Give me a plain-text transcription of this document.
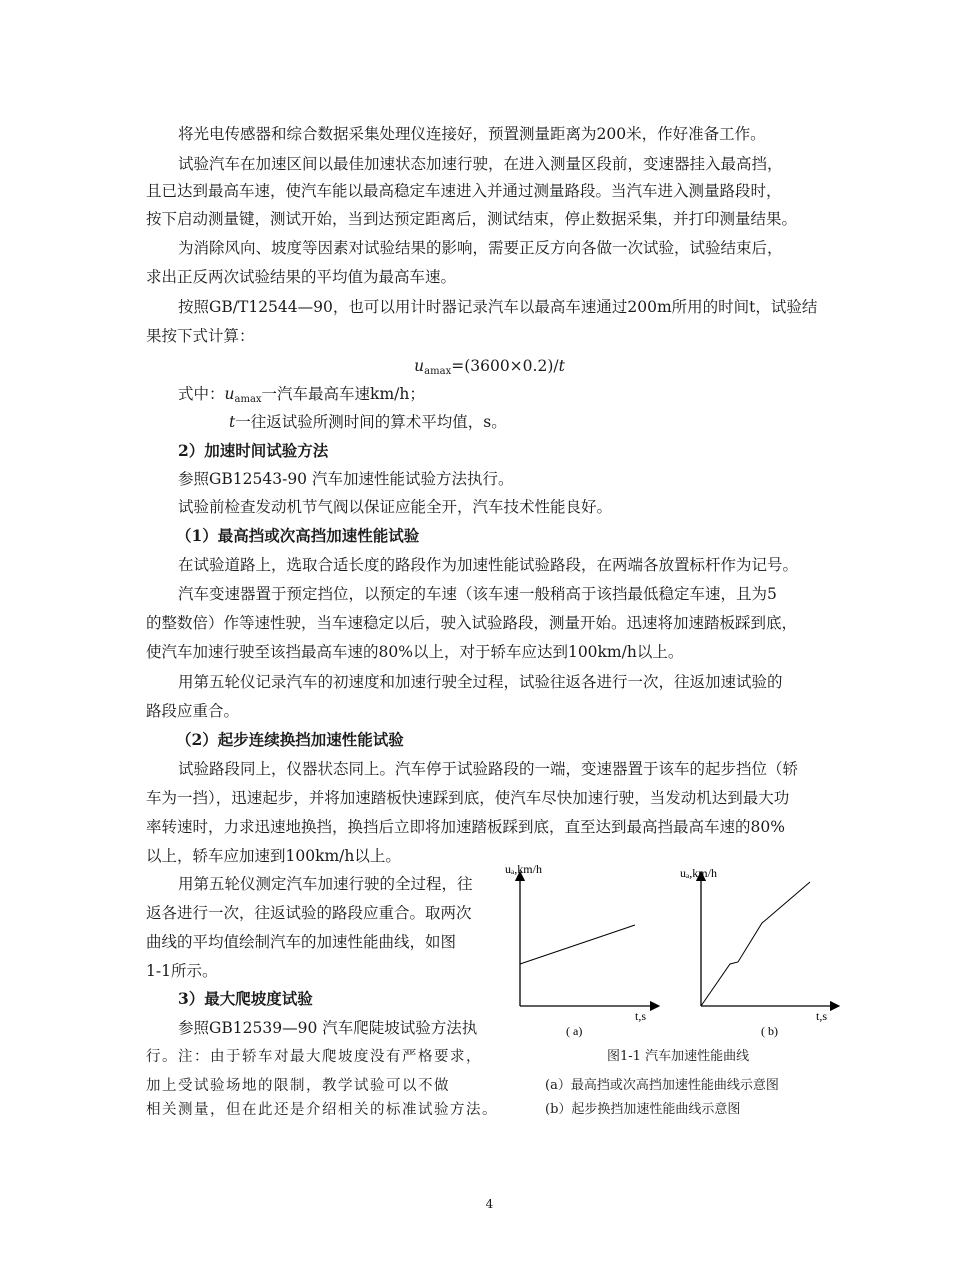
将光电传感器和综合数据采集处理仪连接好，预置测量距离为200米，作好准备工作。
试验汽车在加速区间以最佳加速状态加速行驶，在进入测量区段前，变速器挂入最高挡，
且已达到最高车速，使汽车能以最高稳定车速进入并通过测量路段。当汽车进入测量路段时，
按下启动测量键，测试开始，当到达预定距离后，测试结束，停止数据采集，并打印测量结果。
为消除风向、坡度等因素对试验结果的影响，需要正反方向各做一次试验，试验结束后，
求出正反两次试验结果的平均值为最高车速。
按照GB/T12544—90，也可以用计时器记录汽车以最高车速通过200m所用的时间t，试验结
果按下式计算：
$u_{amax}=(3600\times 0.2)/t$
式中：$u_{amax}$一汽车最高车速km/h；
t一往返试验所测时间的算术平均值，s。
2）加速时间试验方法
参照GB12543-90 汽车加速性能试验方法执行。
试验前检查发动机节气阀以保证应能全开，汽车技术性能良好。
（1）最高挡或次高挡加速性能试验
在试验道路上，选取合适长度的路段作为加速性能试验路段，在两端各放置标杆作为记号。
汽车变速器置于预定挡位，以预定的车速（该车速一般稍高于该挡最低稳定车速，且为5
的整数倍）作等速性驶，当车速稳定以后，驶入试验路段，测量开始。迅速将加速踏板踩到底，
使汽车加速行驶至该挡最高车速的80%以上，对于轿车应达到100km/h以上。
用第五轮仪记录汽车的初速度和加速行驶全过程，试验往返各进行一次，往返加速试验的
路段应重合。
（2）起步连续换挡加速性能试验
试验路段同上，仪器状态同上。汽车停于试验路段的一端，变速器置于该车的起步挡位（轿
车为一挡），迅速起步，并将加速踏板快速踩到底，使汽车尽快加速行驶，当发动机达到最大功
率转速时，力求迅速地换挡，换挡后立即将加速踏板踩到底，直至达到最高挡最高车速的80%
以上，轿车应加速到100km/h以上。
用第五轮仪测定汽车加速行驶的全过程，往
返各进行一次，往返试验的路段应重合。取两次
曲线的平均值绘制汽车的加速性能曲线，如图
1-1所示。
3）最大爬坡度试验
参照GB12539—90 汽车爬陡坡试验方法执
行。注：由于轿车对最大爬坡度没有严格要求，
加上受试验场地的限制，教学试验可以不做
相关测量，但在此还是介绍相关的标准试验方法。
uₐ,km/h
t,s
( a)
uₐ,km/h
t,s
( b)
图1-1 汽车加速性能曲线
(a）最高挡或次高挡加速性能曲线示意图
(b）起步换挡加速性能曲线示意图
4
